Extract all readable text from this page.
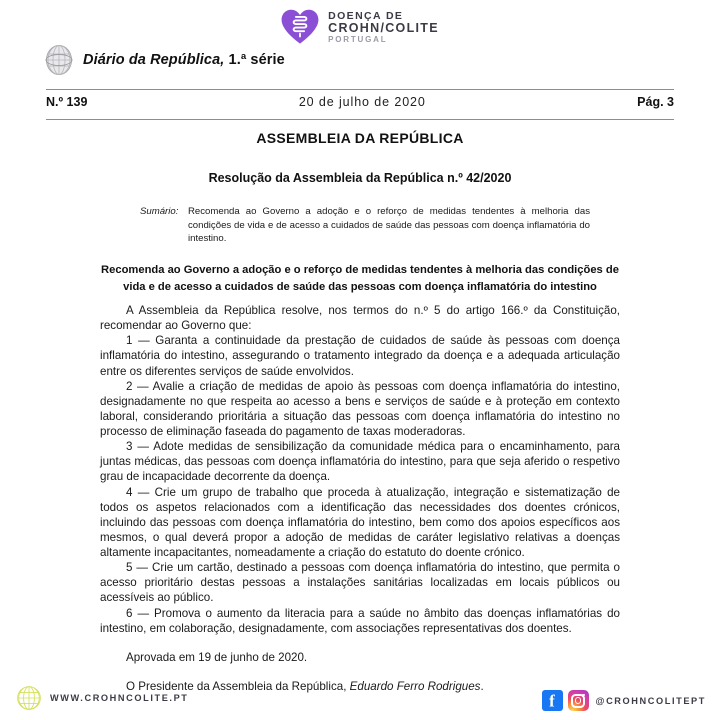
DOENÇA DE
CROHN/COLITE
PORTUGAL
Diário da República, 1.ª série
N.º 139	20 de julho de 2020	Pág. 3
ASSEMBLEIA DA REPÚBLICA
Resolução da Assembleia da República n.º 42/2020
Sumário:	Recomenda ao Governo a adoção e o reforço de medidas tendentes à melhoria das condições de vida e de acesso a cuidados de saúde das pessoas com doença inflamatória do intestino.
Recomenda ao Governo a adoção e o reforço de medidas tendentes à melhoria das condições de vida e de acesso a cuidados de saúde das pessoas com doença inflamatória do intestino

A Assembleia da República resolve, nos termos do n.º 5 do artigo 166.º da Constituição, recomendar ao Governo que:

1 — Garanta a continuidade da prestação de cuidados de saúde às pessoas com doença inflamatória do intestino, assegurando o tratamento integrado da doença e a adequada articulação entre os diferentes serviços de saúde envolvidos.

2 — Avalie a criação de medidas de apoio às pessoas com doença inflamatória do intestino, designadamente no que respeita ao acesso a bens e serviços de saúde e à proteção em contexto laboral, considerando prioritária a situação das pessoas com doença inflamatória do intestino no processo de eliminação faseada do pagamento de taxas moderadoras.

3 — Adote medidas de sensibilização da comunidade médica para o encaminhamento, para juntas médicas, das pessoas com doença inflamatória do intestino, para que seja aferido o respetivo grau de incapacidade decorrente da doença.

4 — Crie um grupo de trabalho que proceda à atualização, integração e sistematização de todos os aspetos relacionados com a identificação das necessidades dos doentes crónicos, incluindo das pessoas com doença inflamatória do intestino, bem como dos apoios específicos aos mesmos, o qual deverá propor a adoção de medidas de caráter legislativo relativas a doenças altamente incapacitantes, nomeadamente a criação do estatuto do doente crónico.

5 — Crie um cartão, destinado a pessoas com doença inflamatória do intestino, que permita o acesso prioritário destas pessoas a instalações sanitárias localizadas em locais públicos ou acessíveis ao público.

6 — Promova o aumento da literacia para a saúde no âmbito das doenças inflamatórias do intestino, em colaboração, designadamente, com associações representativas dos doentes.

Aprovada em 19 de junho de 2020.

O Presidente da Assembleia da República, Eduardo Ferro Rodrigues.

WWW.CROHNCOLITE.PT f	@CROHNCOLITEPT
